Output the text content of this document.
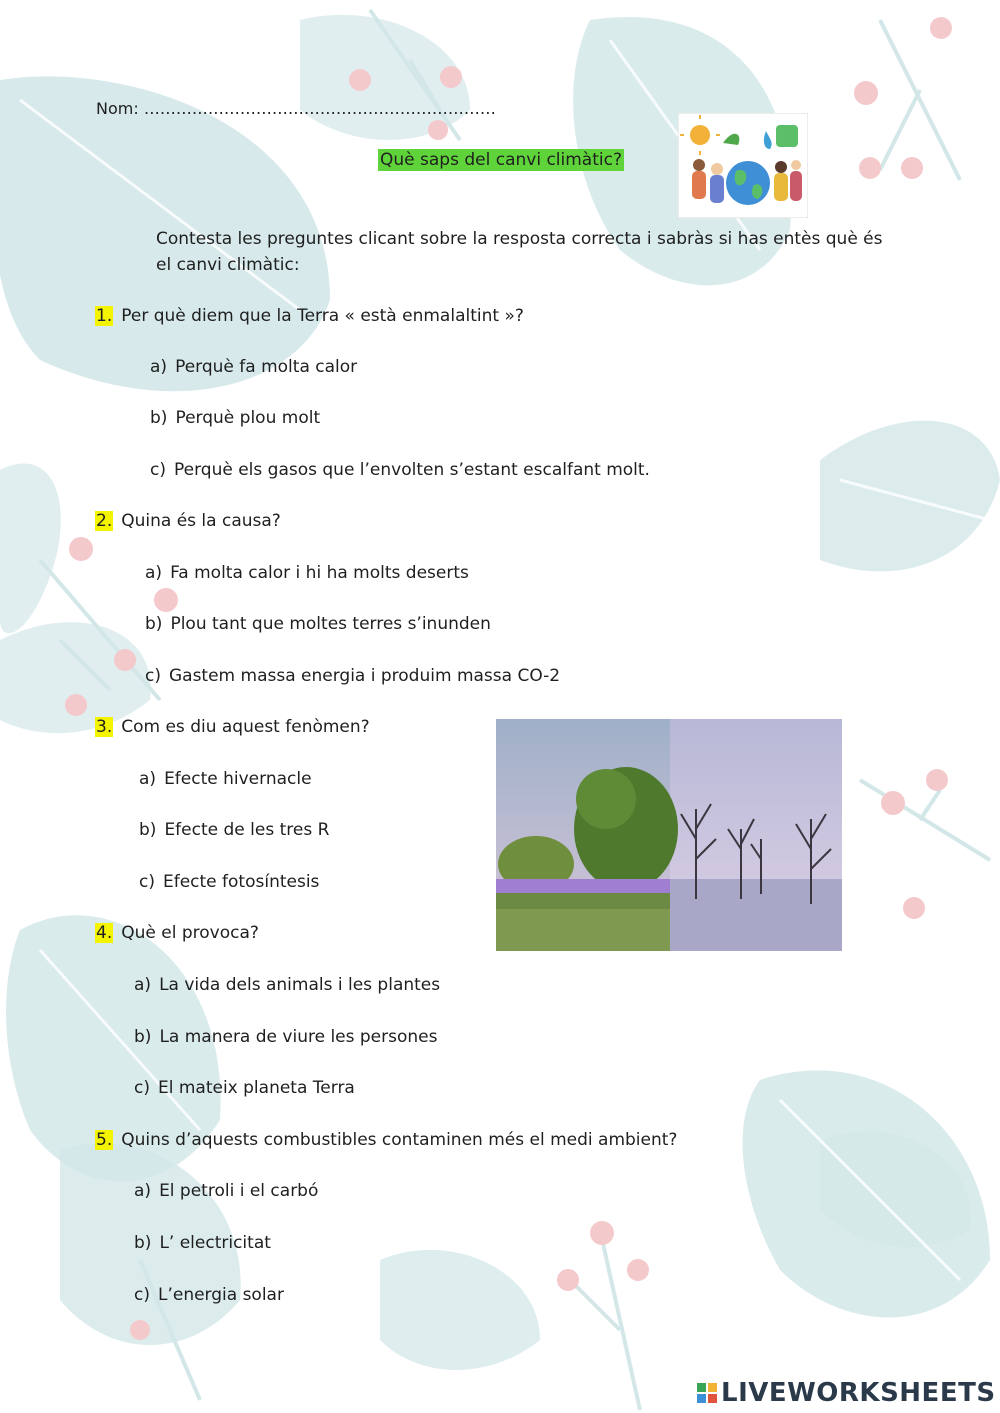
Nom: …………………………………………………………
Què saps del canvi climàtic?
Contesta les preguntes clicant sobre la resposta correcta i sabràs si has entès què és
el canvi climàtic:
1. Per què diem que la Terra « està enmalaltint »?
a) Perquè fa molta calor
b) Perquè plou molt
c) Perquè els gasos que l’envolten s’estant escalfant molt.
2. Quina és la causa?
a) Fa molta calor i hi ha molts deserts
b) Plou tant que moltes terres s’inunden
c) Gastem massa energia i produim massa CO-2
3. Com es diu aquest fenòmen?
a) Efecte hivernacle
b) Efecte de les tres R
c) Efecte fotosíntesis
4. Què el provoca?
a) La vida dels animals i les plantes
b) La manera de viure les persones
c) El mateix planeta Terra
5. Quins d’aquests combustibles contaminen més el medi ambient?
a) El petroli i el carbó
b) L’ electricitat
c) L’energia solar
LIVEWORKSHEETS
